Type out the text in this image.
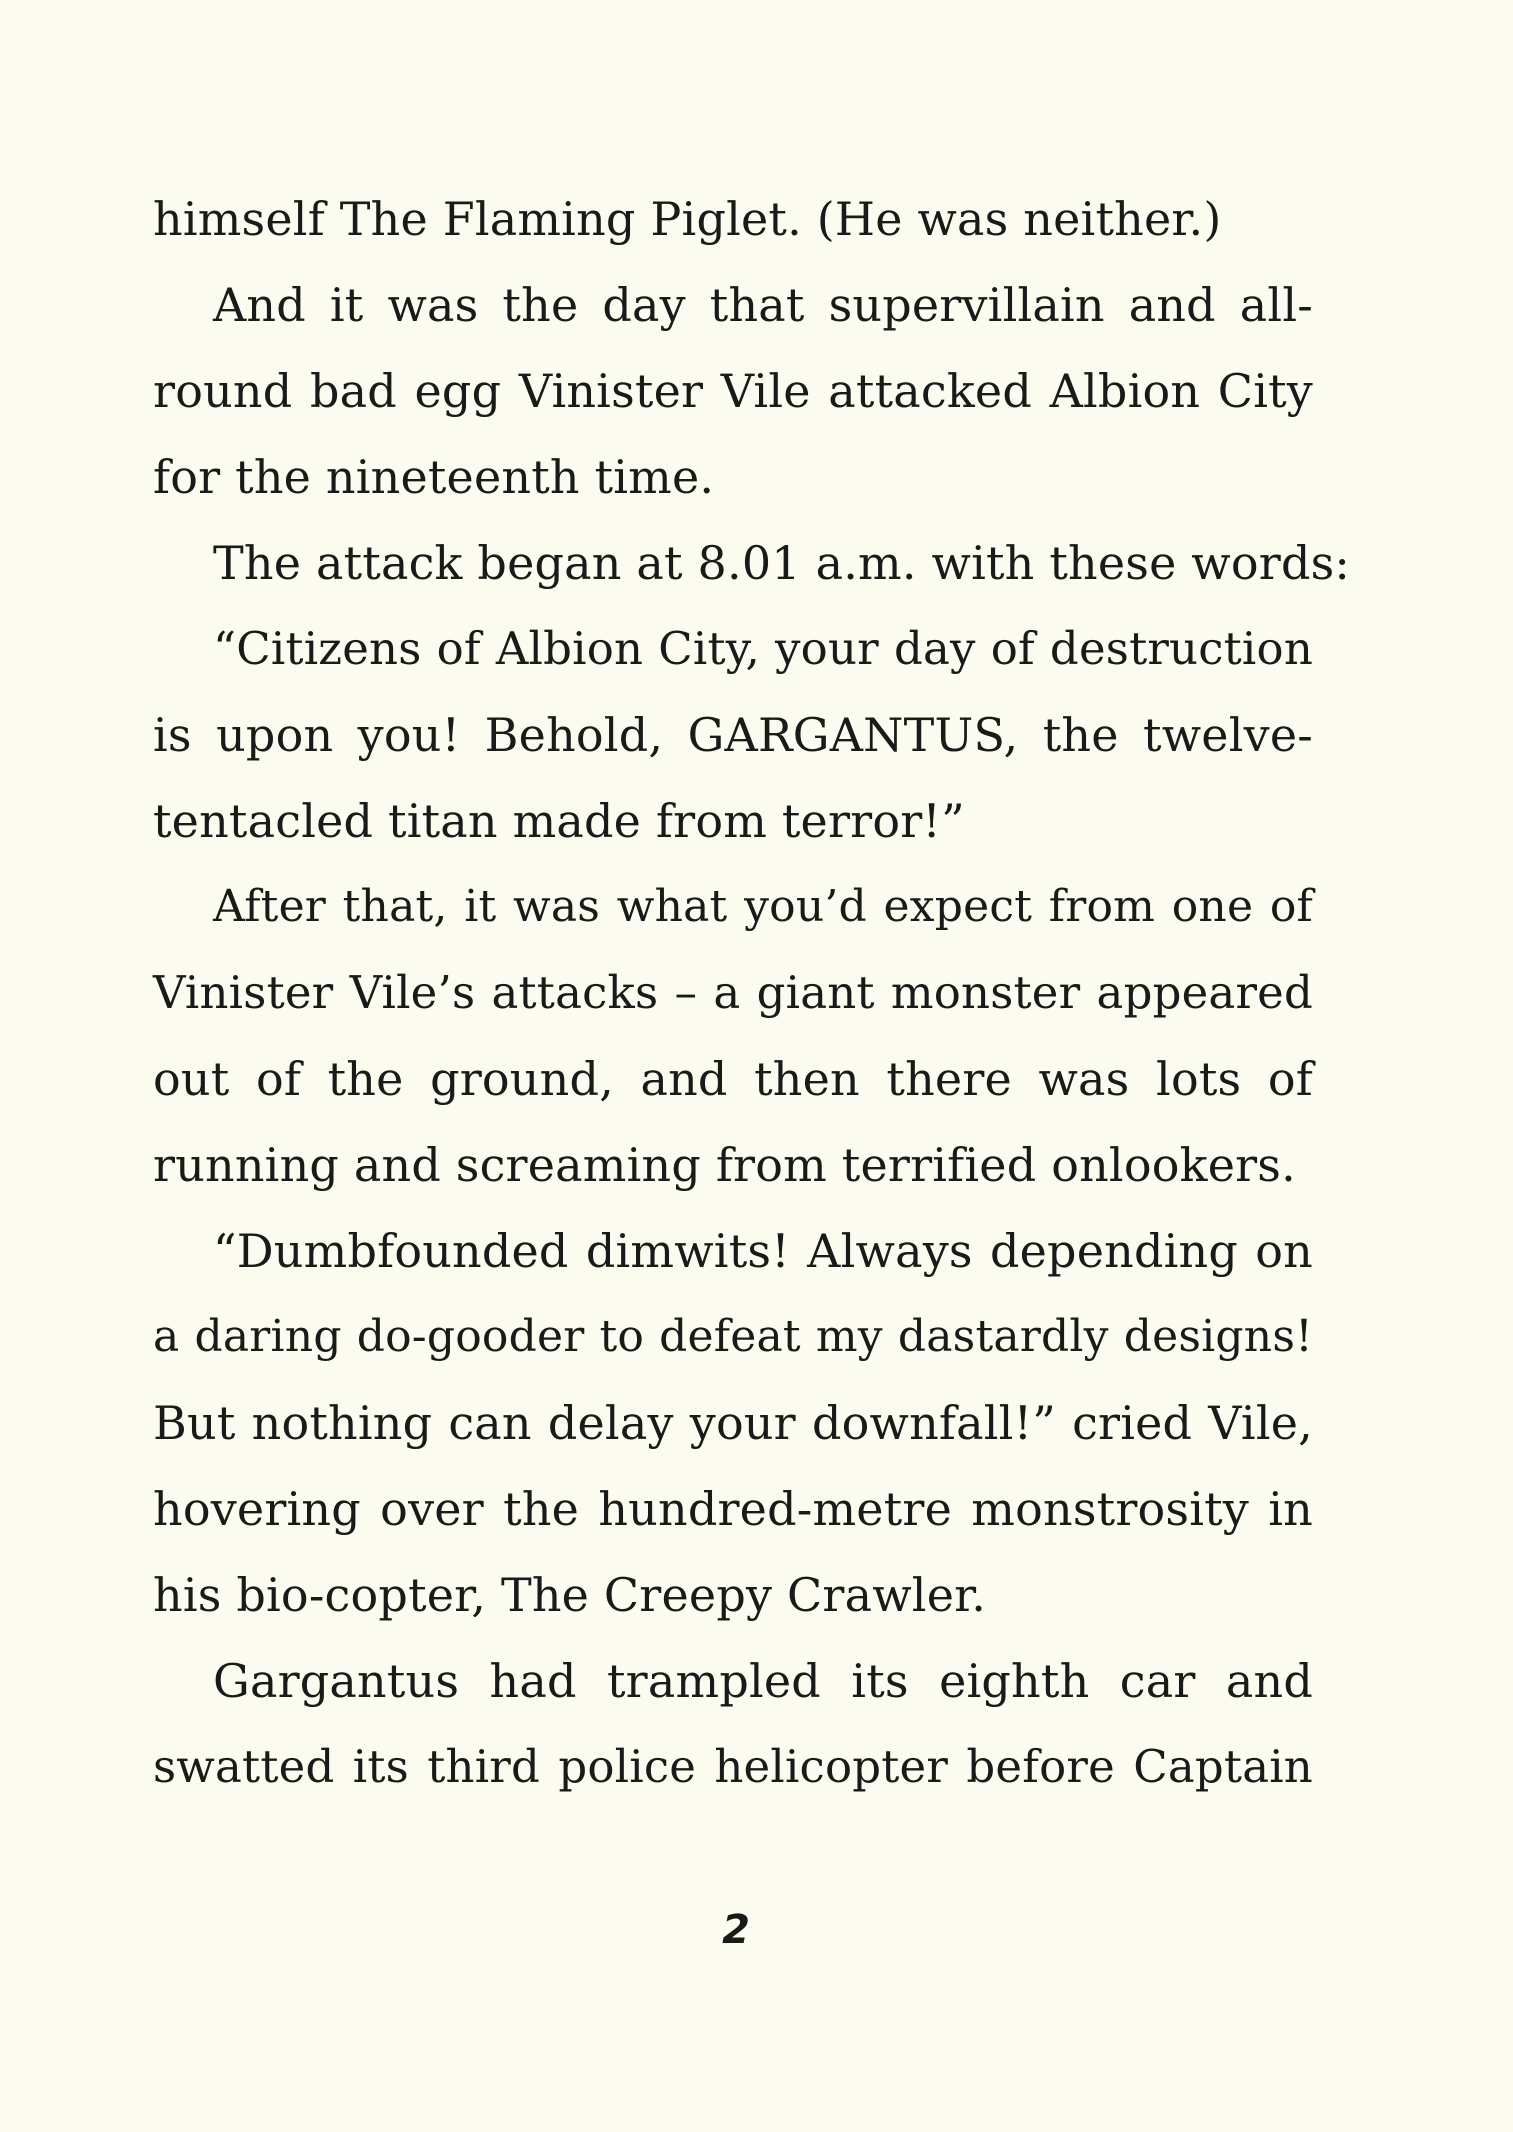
himself The Flaming Piglet. (He was neither.)
And it was the day that supervillain and all-
round bad egg Vinister Vile attacked Albion City
for the nineteenth time.
The attack began at 8.01 a.m. with these words:
“Citizens of Albion City, your day of destruction
is upon you! Behold, GARGANTUS, the twelve-
tentacled titan made from terror!”
After that, it was what you’d expect from one of
Vinister Vile’s attacks – a giant monster appeared
out of the ground, and then there was lots of
running and screaming from terrified onlookers.
“Dumbfounded dimwits! Always depending on
a daring do-gooder to defeat my dastardly designs!
But nothing can delay your downfall!” cried Vile,
hovering over the hundred-metre monstrosity in
his bio-copter, The Creepy Crawler.
Gargantus had trampled its eighth car and
swatted its third police helicopter before Captain
2
